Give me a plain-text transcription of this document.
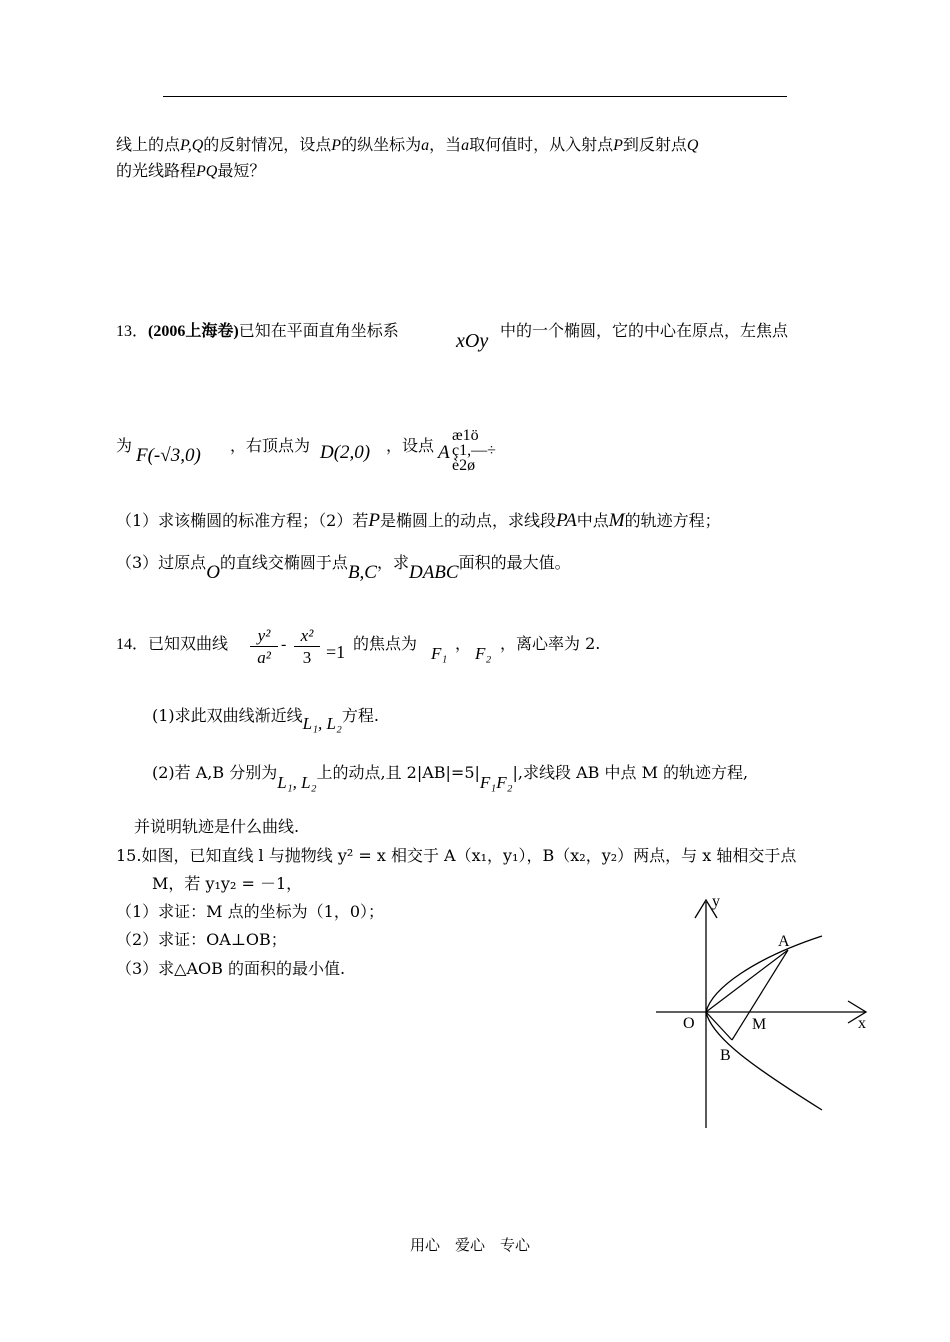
线上的点P,Q的反射情况，设点P的纵坐标为a，当a取何值时，从入射点P到反射点Q
的光线路程PQ最短？
13．(2006上海卷)已知在平面直角坐标系	xOy 中的一个椭圆，它的中心在原点，左焦点
为 F(-√3,0) ，右顶点为 D(2,0) ，设点 A
æ1ö
ç1,—÷
è2ø
（1）求该椭圆的标准方程；（2）若P是椭圆上的动点，求线段PA中点M的轨迹方程；
（3）过原点O的直线交椭圆于点B,C，求DABC面积的最大值。
14．已知双曲线 $\frac{\text{y²}}{\text{a²}} - \frac{\text{x²}}{3} =1$ 的焦点为
F₁
，
F₂
，离心率为 2.
(1)求此双曲线渐近线L₁, L₂方程.
(2)若 A,B 分别为L₁, L₂上的动点,且 2|AB|=5|F₁F₂|,求线段 AB 中点 M 的轨迹方程,
并说明轨迹是什么曲线.
15.如图，已知直线 l 与抛物线 y² = x 相交于 A（x₁，y₁），B（x₂，y₂）两点，与 x 轴相交于点
M，若 y₁y₂ = －1，
（1）求证：M 点的坐标为（1，0）；
（2）求证：OA⊥OB；
（3）求△AOB 的面积的最小值.
y
x
O
A
B
M
用心　爱心　专心
